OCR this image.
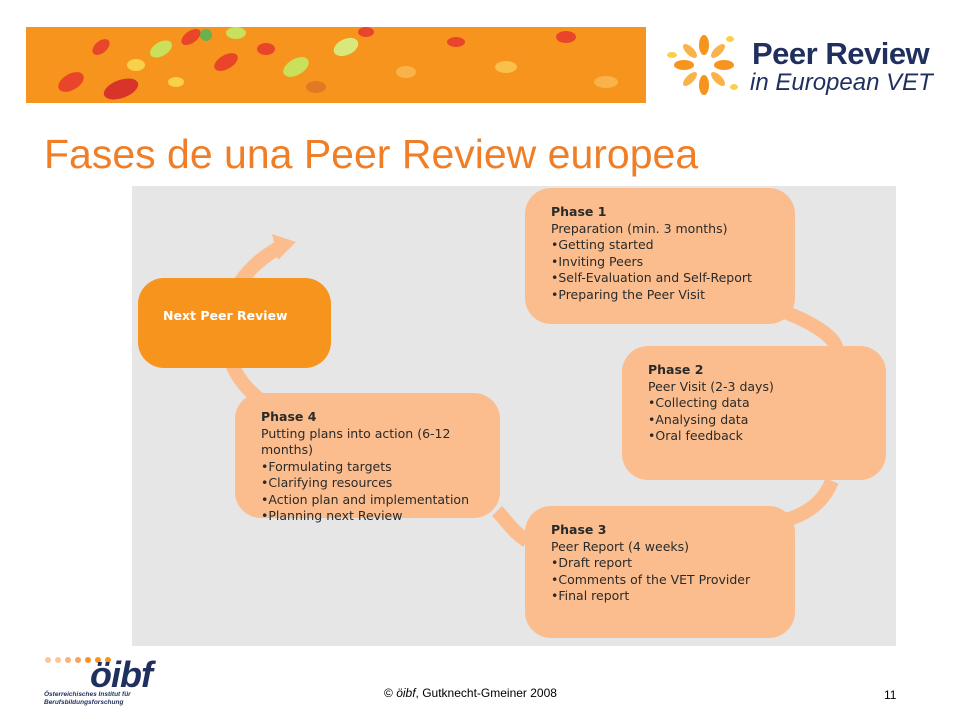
Peer Review
in European VET
Fases de una Peer Review europea
Next Peer Review
Phase 1
Preparation (min. 3 months)
• Getting started
• Inviting Peers
• Self-Evaluation and Self-Report
• Preparing the Peer Visit
Phase 2
Peer Visit (2-3 days)
• Collecting data
• Analysing data
• Oral feedback
Phase 3
Peer Report (4 weeks)
• Draft report
• Comments of the VET Provider
• Final report
Phase 4
Putting plans into action (6-12 months)
• Formulating targets
• Clarifying resources
• Action plan and implementation
• Planning next Review
öibf
Österreichisches Institut für Berufsbildungsforschung
© öibf, Gutknecht-Gmeiner 2008	11
